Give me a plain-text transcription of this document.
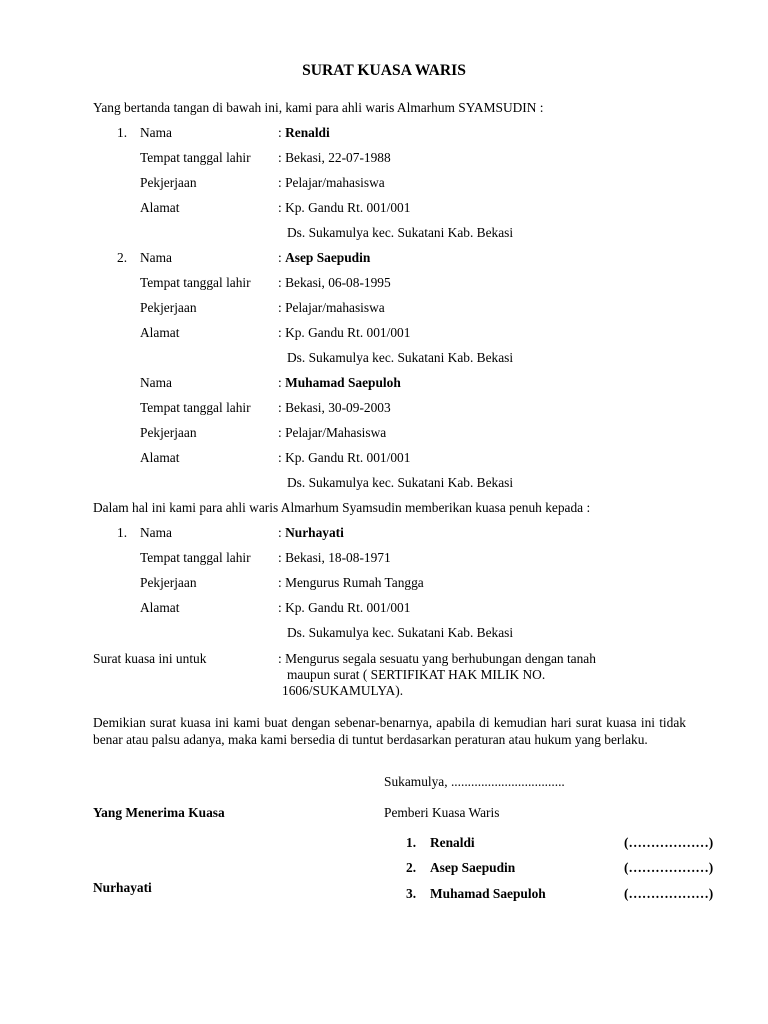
SURAT KUASA WARIS
Yang bertanda tangan di bawah ini, kami para ahli waris Almarhum SYAMSUDIN :
1. Nama	: Renaldi
Tempat tanggal lahir : Bekasi, 22-07-1988
Pekjerjaan	: Pelajar/mahasiswa
Alamat	: Kp. Gandu Rt. 001/001
Ds. Sukamulya kec. Sukatani Kab. Bekasi
2. Nama	: Asep Saepudin
Tempat tanggal lahir : Bekasi, 06-08-1995
Pekjerjaan	: Pelajar/mahasiswa
Alamat	: Kp. Gandu Rt. 001/001
Ds. Sukamulya kec. Sukatani Kab. Bekasi
Nama	: Muhamad Saepuloh
Tempat tanggal lahir : Bekasi, 30-09-2003
Pekjerjaan	: Pelajar/Mahasiswa
Alamat	: Kp. Gandu Rt. 001/001
Ds. Sukamulya kec. Sukatani Kab. Bekasi
Dalam hal ini kami para ahli waris Almarhum Syamsudin memberikan kuasa penuh kepada :
1. Nama	: Nurhayati
Tempat tanggal lahir : Bekasi, 18-08-1971
Pekjerjaan	: Mengurus Rumah Tangga
Alamat	: Kp. Gandu Rt. 001/001
Ds. Sukamulya kec. Sukatani Kab. Bekasi
Surat kuasa ini untuk	: Mengurus segala sesuatu yang berhubungan dengan tanah
maupun surat ( SERTIFIKAT HAK MILIK NO.
1606/SUKAMULYA).
Demikian surat kuasa ini kami buat dengan sebenar-benarnya, apabila di kemudian hari surat kuasa ini tidak benar atau palsu adanya, maka kami bersedia di tuntut berdasarkan peraturan atau hukum yang berlaku.
Sukamulya, ..................................
Yang Menerima Kuasa	Pemberi Kuasa Waris
1. Renaldi	(………………)
2. Asep Saepudin	(………………)
3. Muhamad Saepuloh	(………………)
Nurhayati
